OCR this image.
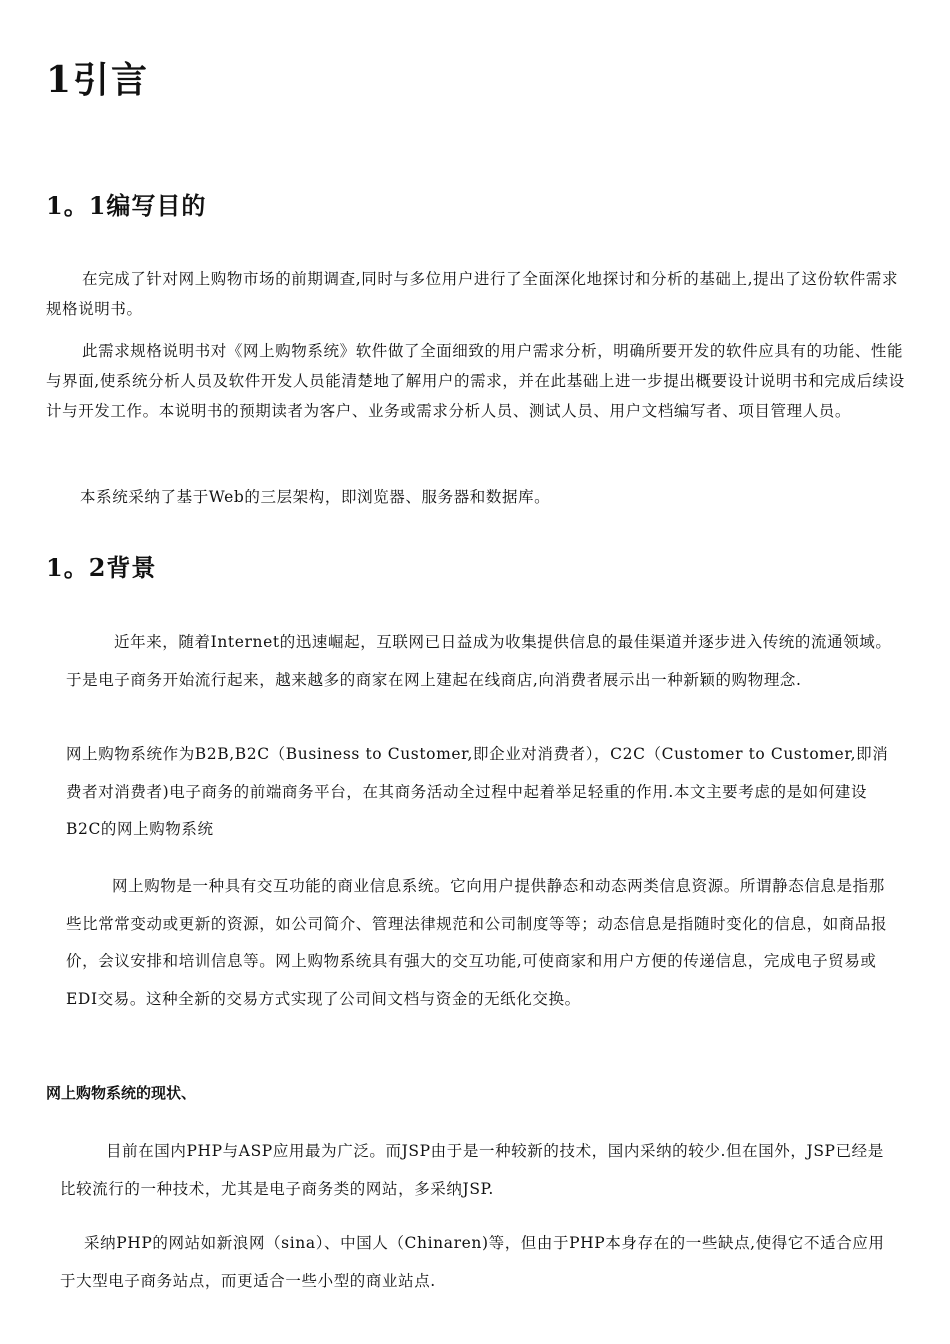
1引言
1。1编写目的

在完成了针对网上购物市场的前期调查,同时与多位用户进行了全面深化地探讨和分析的基础上,提出了这份软件需求规格说明书。

此需求规格说明书对《网上购物系统》软件做了全面细致的用户需求分析，明确所要开发的软件应具有的功能、性能与界面,使系统分析人员及软件开发人员能清楚地了解用户的需求，并在此基础上进一步提出概要设计说明书和完成后续设计与开发工作。本说明书的预期读者为客户、业务或需求分析人员、测试人员、用户文档编写者、项目管理人员。

本系统采纳了基于Web的三层架构，即浏览器、服务器和数据库。

1。2背景

近年来，随着Internet的迅速崛起，互联网已日益成为收集提供信息的最佳渠道并逐步进入传统的流通领域。于是电子商务开始流行起来，越来越多的商家在网上建起在线商店,向消费者展示出一种新颖的购物理念.

网上购物系统作为B2B,B2C（Business to Customer,即企业对消费者），C2C（Customer to Customer,即消费者对消费者)电子商务的前端商务平台，在其商务活动全过程中起着举足轻重的作用.本文主要考虑的是如何建设B2C的网上购物系统

网上购物是一种具有交互功能的商业信息系统。它向用户提供静态和动态两类信息资源。所谓静态信息是指那些比常常变动或更新的资源，如公司简介、管理法律规范和公司制度等等；动态信息是指随时变化的信息，如商品报价，会议安排和培训信息等。网上购物系统具有强大的交互功能,可使商家和用户方便的传递信息，完成电子贸易或EDI交易。这种全新的交易方式实现了公司间文档与资金的无纸化交换。

网上购物系统的现状、

目前在国内PHP与ASP应用最为广泛。而JSP由于是一种较新的技术，国内采纳的较少.但在国外，JSP已经是比较流行的一种技术，尤其是电子商务类的网站，多采纳JSP.

采纳PHP的网站如新浪网（sina）、中国人（Chinaren)等，但由于PHP本身存在的一些缺点,使得它不适合应用于大型电子商务站点，而更适合一些小型的商业站点.
